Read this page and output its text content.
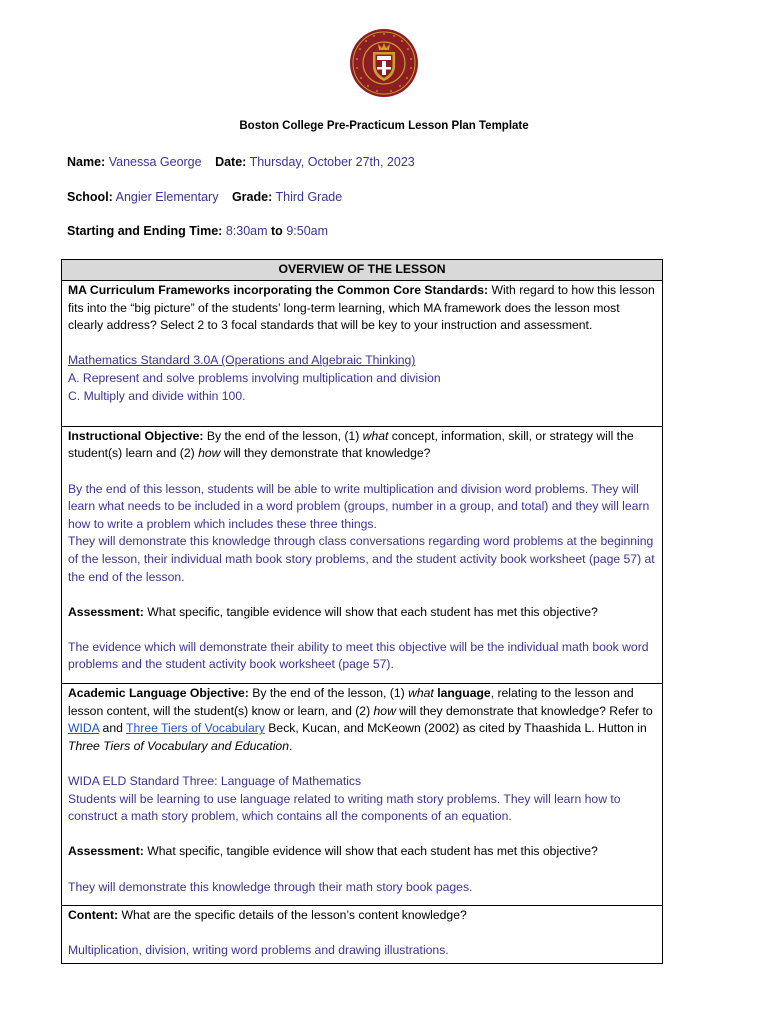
Boston College Pre-Practicum Lesson Plan Template
Name: Vanessa George Date: Thursday, October 27th, 2023
School: Angier Elementary Grade: Third Grade
Starting and Ending Time: 8:30am to 9:50am
OVERVIEW OF THE LESSON

MA Curriculum Frameworks incorporating the Common Core Standards: With regard to how this lesson fits into the “big picture” of the students’ long-term learning, which MA framework does the lesson most clearly address? Select 2 to 3 focal standards that will be key to your instruction and assessment.
Mathematics Standard 3.0A (Operations and Algebraic Thinking)
A. Represent and solve problems involving multiplication and division
C. Multiply and divide within 100.

Instructional Objective: By the end of the lesson, (1) what concept, information, skill, or strategy will the student(s) learn and (2) how will they demonstrate that knowledge?
By the end of this lesson, students will be able to write multiplication and division word problems. They will learn what needs to be included in a word problem (groups, number in a group, and total) and they will learn how to write a problem which includes these three things.
They will demonstrate this knowledge through class conversations regarding word problems at the beginning of the lesson, their individual math book story problems, and the student activity book worksheet (page 57) at the end of the lesson.
Assessment: What specific, tangible evidence will show that each student has met this objective?
The evidence which will demonstrate their ability to meet this objective will be the individual math book word problems and the student activity book worksheet (page 57).

Academic Language Objective: By the end of the lesson, (1) what language, relating to the lesson and lesson content, will the student(s) know or learn, and (2) how will they demonstrate that knowledge? Refer to WIDA and Three Tiers of Vocabulary Beck, Kucan, and McKeown (2002) as cited by Thaashida L. Hutton in Three Tiers of Vocabulary and Education.
WIDA ELD Standard Three: Language of Mathematics
Students will be learning to use language related to writing math story problems. They will learn how to construct a math story problem, which contains all the components of an equation.
Assessment: What specific, tangible evidence will show that each student has met this objective?
They will demonstrate this knowledge through their math story book pages.

Content: What are the specific details of the lesson’s content knowledge?
Multiplication, division, writing word problems and drawing illustrations.
